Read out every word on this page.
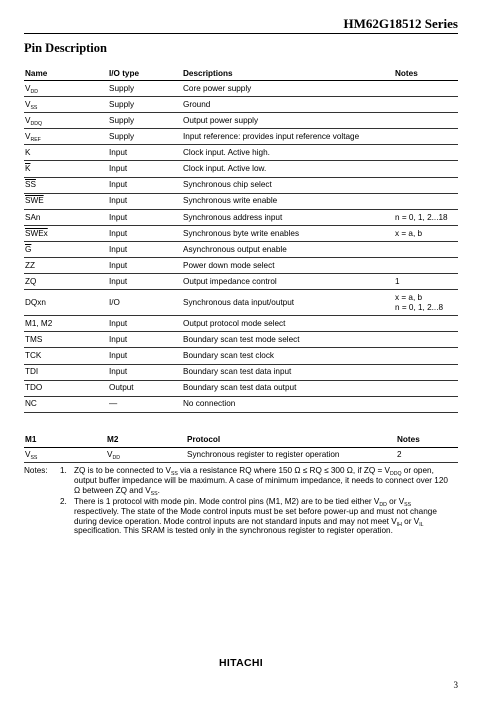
HM62G18512 Series
Pin Description
Name	I/O type	Descriptions	Notes
$V_{DD}$	Supply	Core power supply	
$V_{SS}$	Supply	Ground	
$V_{DDQ}$	Supply	Output power supply	
$V_{REF}$	Supply	Input reference: provides input reference voltage	
K	Input	Clock input. Active high.	
$\overline{K}$	Input	Clock input. Active low.	
$\overline{SS}$	Input	Synchronous chip select	
$\overline{SWE}$	Input	Synchronous write enable	
SAn	Input	Synchronous address input	n = 0, 1, 2...18
SWEx	Input	Synchronous byte write enables	x = a, b
$\overline{G}$	Input	Asynchronous output enable	
ZZ	Input	Power down mode select	
ZQ	Input	Output impedance control	1
DQxn	I/O	Synchronous data input/output	x = a, b
n = 0, 1, 2...8
M1, M2	Input	Output protocol mode select	
TMS	Input	Boundary scan test mode select	
TCK	Input	Boundary scan test clock	
TDI	Input	Boundary scan test data input	
TDO	Output	Boundary scan test data output	
NC	—	No connection	
M1	M2	Protocol	Notes
$V_{SS}$	$V_{DD}$	Synchronous register to register operation	2
Notes:	1. ZQ is to be connected to $V_{SS}$ via a resistance RQ where 150 Ω ≤ RQ ≤ 300 Ω, if ZQ = $V_{DDQ}$ or open, output buffer impedance will be maximum. A case of minimum impedance, it needs to connect over 120 Ω between ZQ and $V_{SS}$.
2. There is 1 protocol with mode pin. Mode control pins (M1, M2) are to be tied either $V_{DD}$ or $V_{SS}$ respectively. The state of the Mode control inputs must be set before power-up and must not change during device operation. Mode control inputs are not standard inputs and may not meet $V_{IH}$ or $V_{IL}$ specification. This SRAM is tested only in the synchronous register to register operation.
HITACHI
3
